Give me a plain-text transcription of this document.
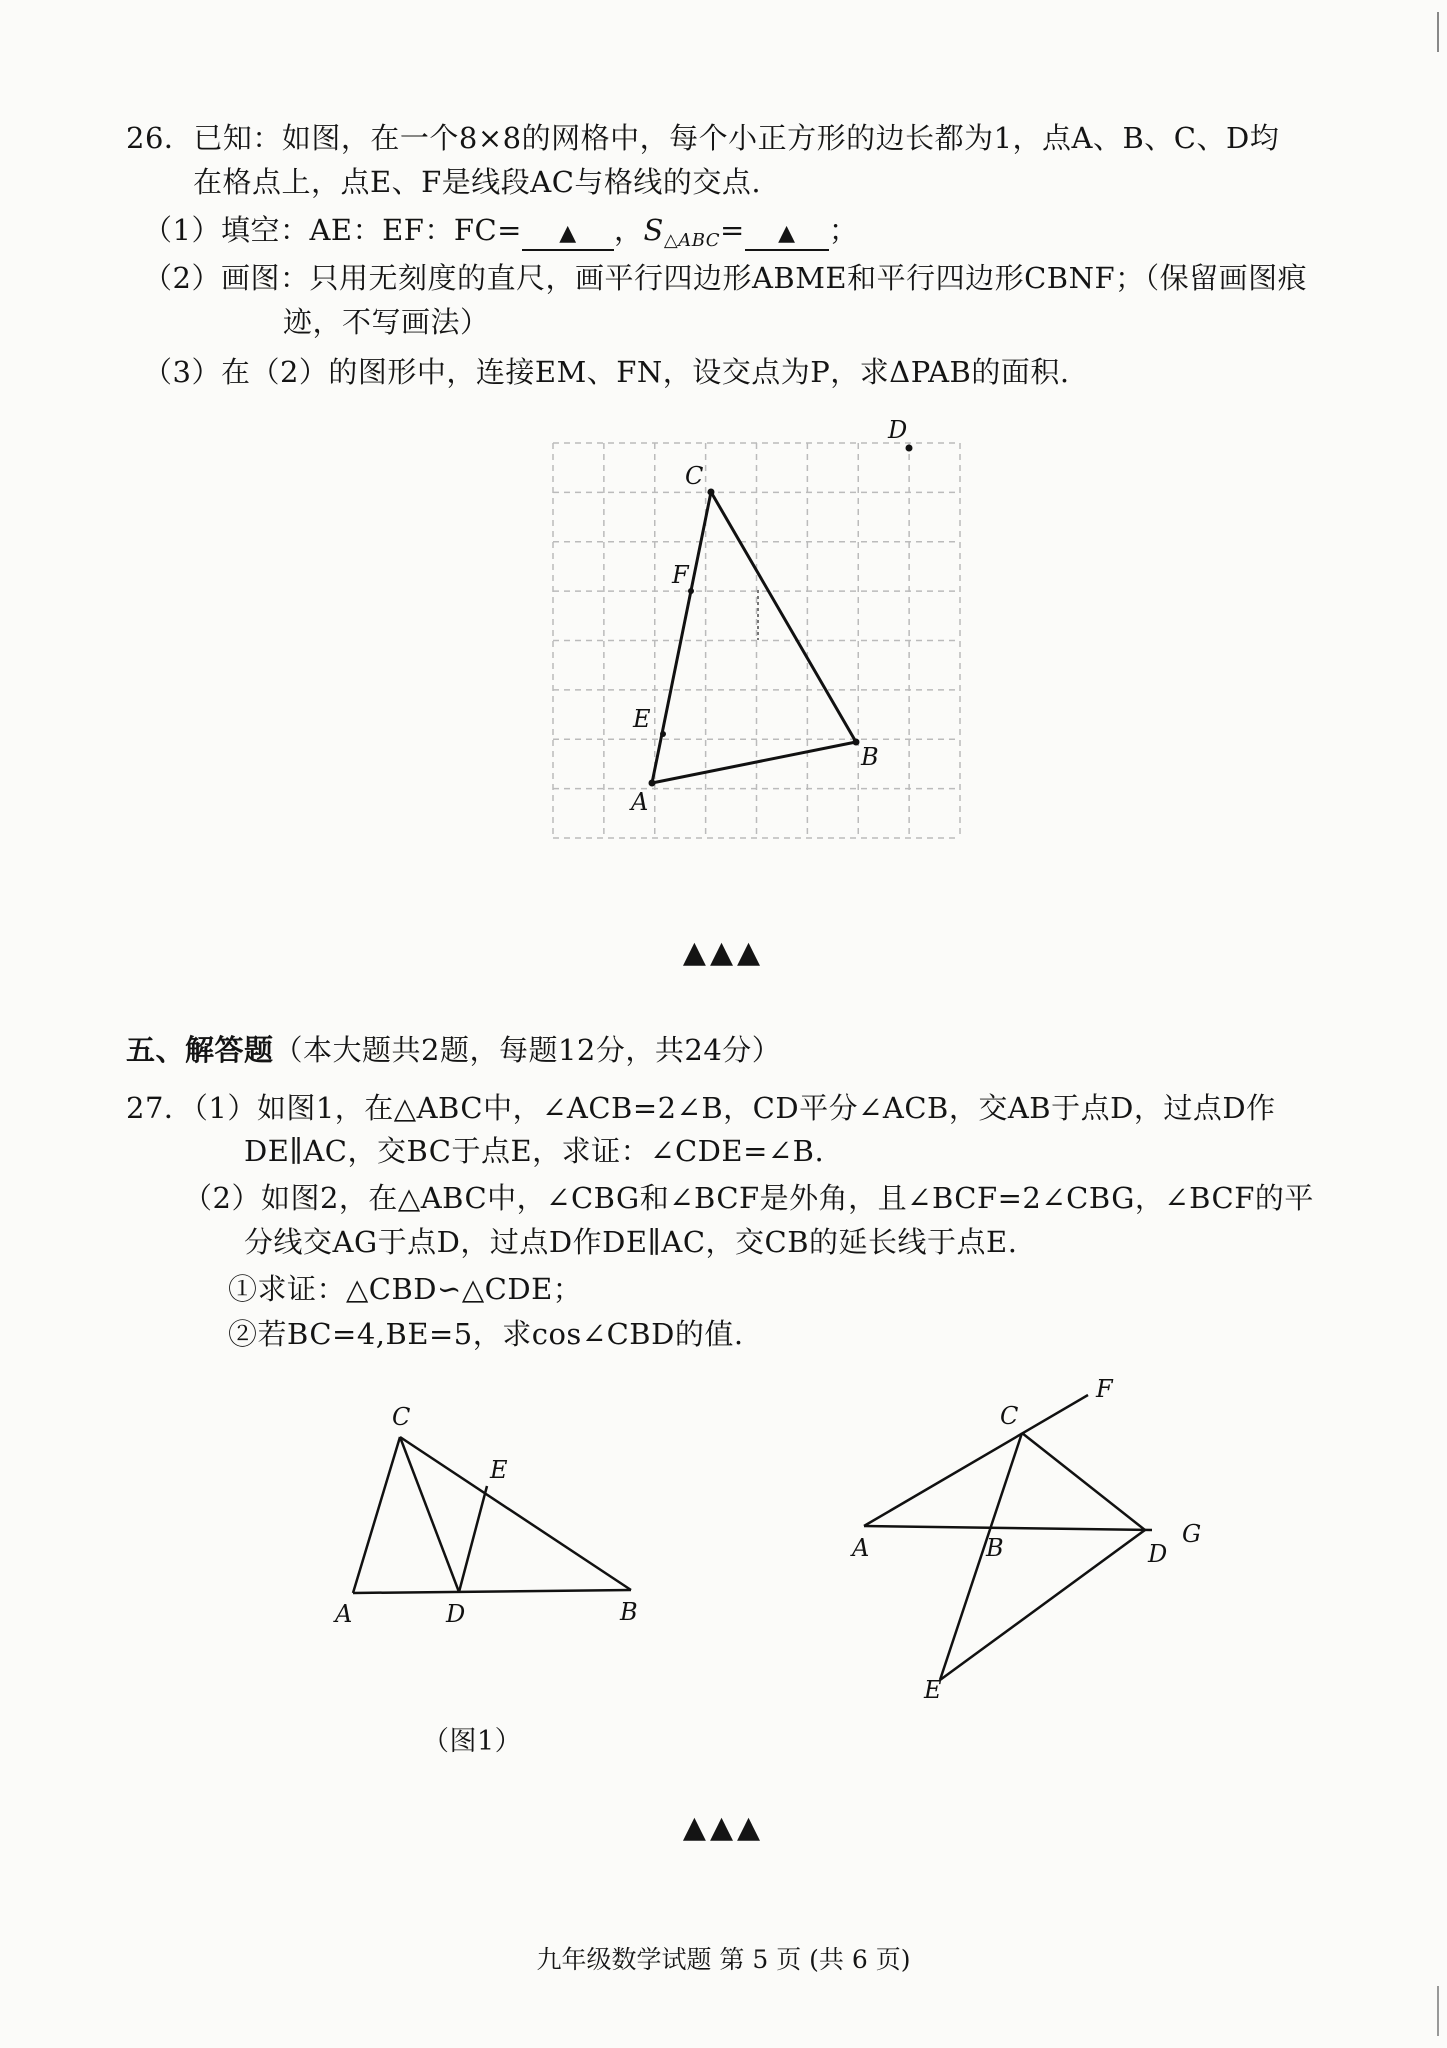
26．已知：如图，在一个8×8的网格中，每个小正方形的边长都为1，点A、B、C、D均
在格点上，点E、F是线段AC与格线的交点.
（1）填空：AE：EF：FC= ▲ ，$S_{\triangle ABC}=$ ▲ ；
（2）画图：只用无刻度的直尺，画平行四边形ABME和平行四边形CBNF；（保留画图痕
迹，不写画法）
（3）在（2）的图形中，连接EM、FN，设交点为P，求ΔPAB的面积.
A
B
C
D
E
F
C
E
A	D	B
F
C
G
A	B	D
E
▲▲▲
五、解答题（本大题共2题，每题12分，共24分）
27．（1）如图1，在△ABC中，∠ACB=2∠B，CD平分∠ACB，交AB于点D，过点D作
DE∥AC，交BC于点E，求证：∠CDE=∠B.
（2）如图2，在△ABC中，∠CBG和∠BCF是外角，且∠BCF=2∠CBG，∠BCF的平
分线交AG于点D，过点D作DE∥AC，交CB的延长线于点E.
①求证：△CBD∽△CDE；
②若BC=4,BE=5，求cos∠CBD的值.
（图1）
▲▲▲
九年级数学试题 第 5 页 (共 6 页)
